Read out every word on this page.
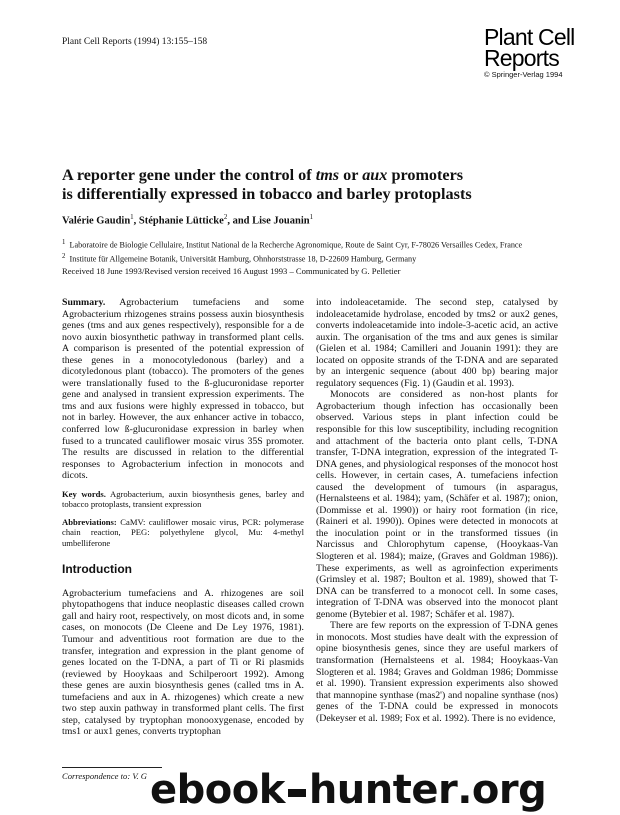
Plant Cell Reports (1994) 13:155–158	Plant Cell
Reports
© Springer-Verlag 1994
A reporter gene under the control of tms or aux promoters
is differentially expressed in tobacco and barley protoplasts
Valérie Gaudin$^1$, Stéphanie Lütticke$^2$, and Lise Jouanin$^1$
$^1$ Laboratoire de Biologie Cellulaire, Institut National de la Recherche Agronomique, Route de Saint Cyr, F-78026 Versailles Cedex, France
$^2$ Institute für Allgemeine Botanik, Universität Hamburg, Ohnhorststrasse 18, D-22609 Hamburg, Germany
Received 18 June 1993/Revised version received 16 August 1993 – Communicated by G. Pelletier

Summary. Agrobacterium tumefaciens and some Agrobacterium rhizogenes strains possess auxin biosynthesis genes (tms and aux genes respectively), responsible for a de novo auxin biosynthetic pathway in transformed plant cells. A comparison is presented of the potential expression of these genes in a monocotyledonous (barley) and a dicotyledonous plant (tobacco). The promoters of the genes were translationally fused to the ß-glucuronidase reporter gene and analysed in transient expression experiments. The tms and aux fusions were highly expressed in tobacco, but not in barley. However, the aux enhancer active in tobacco, conferred low ß-glucuronidase expression in barley when fused to a truncated cauliflower mosaic virus 35S promoter. The results are discussed in relation to the differential responses to Agrobacterium infection in monocots and dicots.

Key words. Agrobacterium, auxin biosynthesis genes, barley and tobacco protoplasts, transient expression

Abbreviations: CaMV: cauliflower mosaic virus, PCR: polymerase chain reaction, PEG: polyethylene glycol, Mu: 4-methyl umbelliferone

Introduction

Agrobacterium tumefaciens and A. rhizogenes are soil phytopathogens that induce neoplastic diseases called crown gall and hairy root, respectively, on most dicots and, in some cases, on monocots (De Cleene and De Ley 1976, 1981). Tumour and adventitious root formation are due to the transfer, integration and expression in the plant genome of genes located on the T-DNA, a part of Ti or Ri plasmids (reviewed by Hooykaas and Schilperoort 1992). Among these genes are auxin biosynthesis genes (called tms in A. tumefaciens and aux in A. rhizogenes) which create a new two step auxin pathway in transformed plant cells. The first step, catalysed by tryptophan monooxygenase, encoded by tms1 or aux1 genes, converts tryptophan

into indoleacetamide. The second step, catalysed by indoleacetamide hydrolase, encoded by tms2 or aux2 genes, converts indoleacetamide into indole-3-acetic acid, an active auxin. The organisation of the tms and aux genes is similar (Gielen et al. 1984; Camilleri and Jouanin 1991): they are located on opposite strands of the T-DNA and are separated by an intergenic sequence (about 400 bp) bearing major regulatory sequences (Fig. 1) (Gaudin et al. 1993).

Monocots are considered as non-host plants for Agrobacterium though infection has occasionally been observed. Various steps in plant infection could be responsible for this low susceptibility, including recognition and attachment of the bacteria onto plant cells, T-DNA transfer, T-DNA integration, expression of the integrated T-DNA genes, and physiological responses of the monocot host cells. However, in certain cases, A. tumefaciens infection caused the development of tumours (in asparagus, (Hernalsteens et al. 1984); yam, (Schäfer et al. 1987); onion, (Dommisse et al. 1990)) or hairy root formation (in rice, (Raineri et al. 1990)). Opines were detected in monocots at the inoculation point or in the transformed tissues (in Narcissus and Chlorophytum capense, (Hooykaas-Van Slogteren et al. 1984); maize, (Graves and Goldman 1986)). These experiments, as well as agroinfection experiments (Grimsley et al. 1987; Boulton et al. 1989), showed that T-DNA can be transferred to a monocot cell. In some cases, integration of T-DNA was observed into the monocot plant genome (Bytebier et al. 1987; Schäfer et al. 1987).

There are few reports on the expression of T-DNA genes in monocots. Most studies have dealt with the expression of opine biosynthesis genes, since they are useful markers of transformation (Hernalsteens et al. 1984; Hooykaas-Van Slogteren et al. 1984; Graves and Goldman 1986; Dommisse et al. 1990). Transient expression experiments also showed that mannopine synthase (mas2') and nopaline synthase (nos) genes of the T-DNA could be expressed in monocots (Dekeyser et al. 1989; Fox et al. 1992). There is no evidence,

Correspondence to: V. G ebook hunter .org
